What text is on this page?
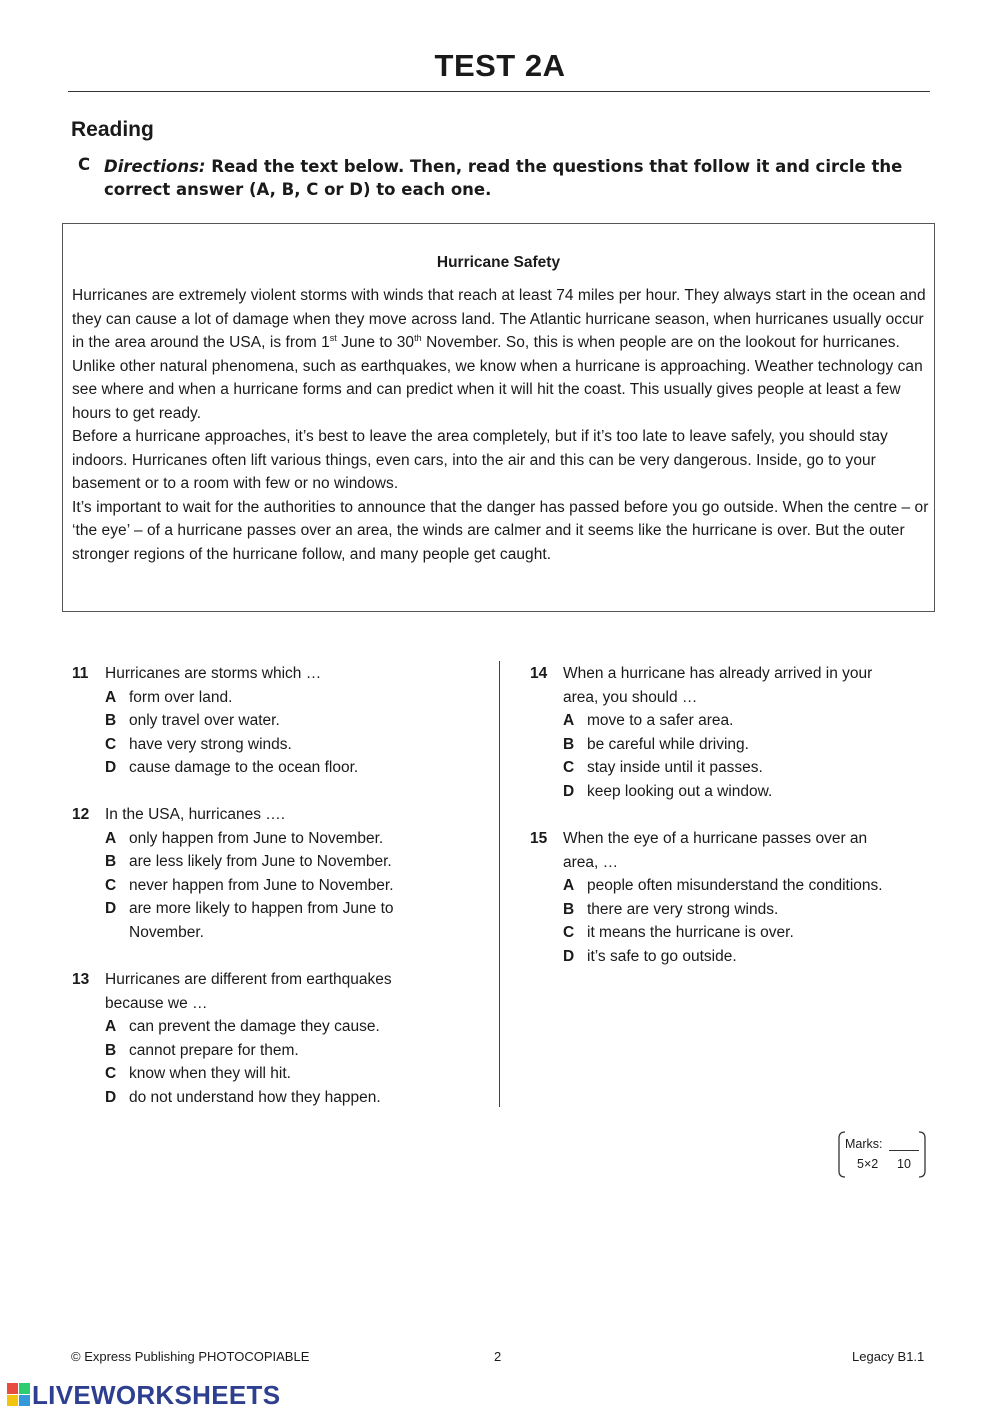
TEST 2A
Reading
C Directions: Read the text below. Then, read the questions that follow it and circle the correct answer (A, B, C or D) to each one.
Hurricane Safety

Hurricanes are extremely violent storms with winds that reach at least 74 miles per hour. They always start in the ocean and they can cause a lot of damage when they move across land. The Atlantic hurricane season, when hurricanes usually occur in the area around the USA, is from 1st June to 30th November. So, this is when people are on the lookout for hurricanes.

Unlike other natural phenomena, such as earthquakes, we know when a hurricane is approaching. Weather technology can see where and when a hurricane forms and can predict when it will hit the coast. This usually gives people at least a few hours to get ready.

Before a hurricane approaches, it’s best to leave the area completely, but if it’s too late to leave safely, you should stay indoors. Hurricanes often lift various things, even cars, into the air and this can be very dangerous. Inside, go to your basement or to a room with few or no windows.

It’s important to wait for the authorities to announce that the danger has passed before you go outside. When the centre – or ‘the eye’ – of a hurricane passes over an area, the winds are calmer and it seems like the hurricane is over. But the outer stronger regions of the hurricane follow, and many people get caught.

11 Hurricanes are storms which …
A form over land.
B only travel over water.
C have very strong winds.
D cause damage to the ocean floor.
12 In the USA, hurricanes ….
A only happen from June to November.
B are less likely from June to November.
C never happen from June to November.
D are more likely to happen from June to November.
13 Hurricanes are different from earthquakes because we …
A can prevent the damage they cause.
B cannot prepare for them.
C know when they will hit.
D do not understand how they happen.
14 When a hurricane has already arrived in your area, you should …
A move to a safer area.
B be careful while driving.
C stay inside until it passes.
D keep looking out a window.
15 When the eye of a hurricane passes over an area, …
A people often misunderstand the conditions.
B there are very strong winds.
C it means the hurricane is over.
D it’s safe to go outside.
Marks:
5×2 10
© Express Publishing PHOTOCOPIABLE	2	Legacy B1.1
LIVEWORKSHEETS
